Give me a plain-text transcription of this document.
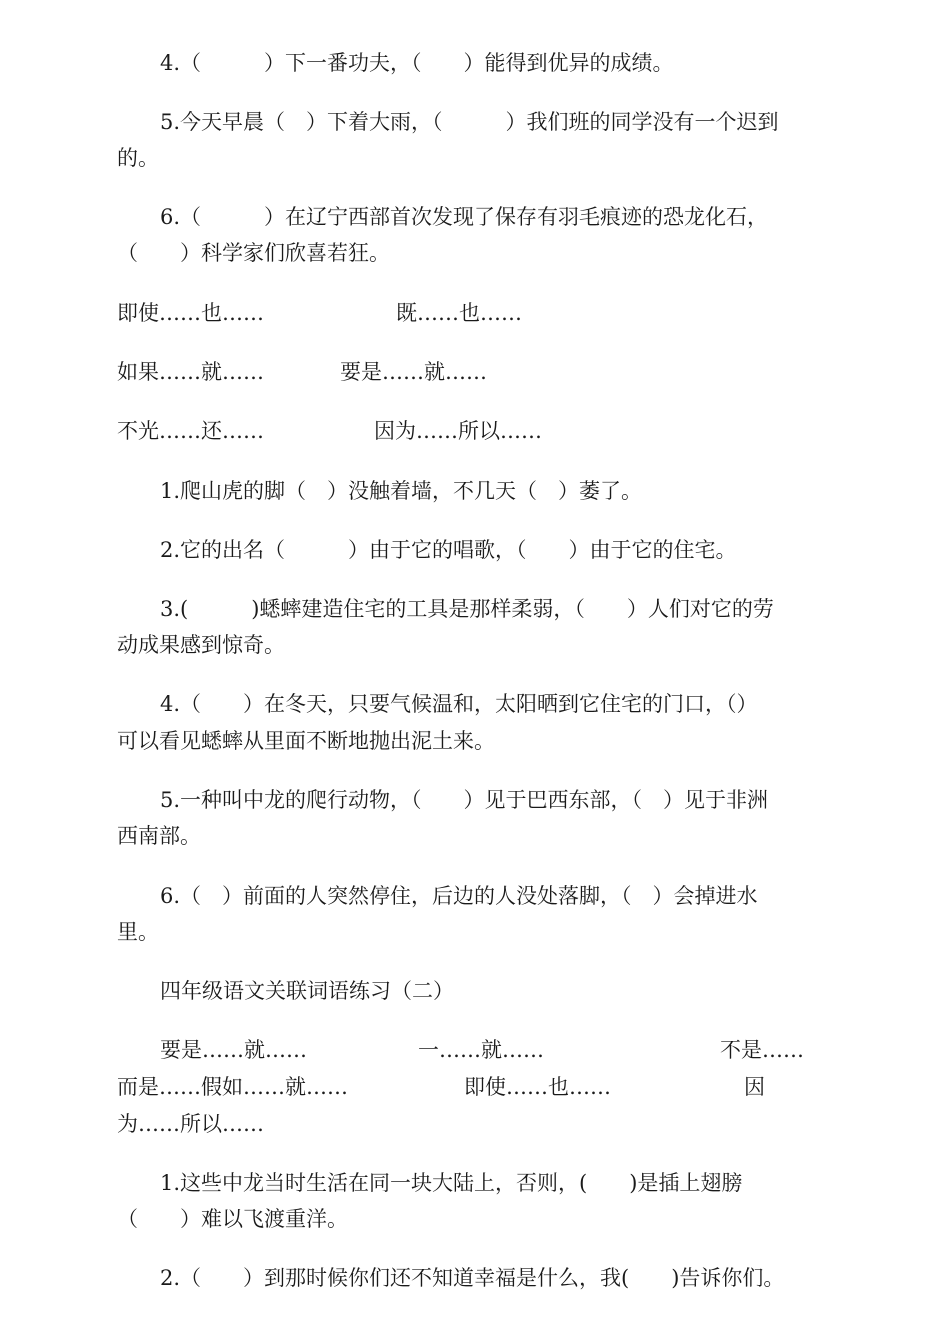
4.（　　　）下一番功夫，（　　）能得到优异的成绩。
5.今天早晨（　）下着大雨，（　　　）我们班的同学没有一个迟到
的。
6.（　　　）在辽宁西部首次发现了保存有羽毛痕迹的恐龙化石，
（　　）科学家们欣喜若狂。
即使……也……	既……也……
如果……就……	要是……就……
不光……还……	因为……所以……
1.爬山虎的脚（　）没触着墙，不几天（　）萎了。
2.它的出名（　　　）由于它的唱歌，（　　）由于它的住宅。
3.(　　　)蟋蟀建造住宅的工具是那样柔弱，（　　）人们对它的劳
动成果感到惊奇。
4.（　　）在冬天，只要气候温和，太阳晒到它住宅的门口，（）
可以看见蟋蟀从里面不断地抛出泥土来。
5.一种叫中龙的爬行动物，（　　）见于巴西东部，（　）见于非洲
西南部。
6.（　）前面的人突然停住，后边的人没处落脚，（　）会掉进水
里。
四年级语文关联词语练习（二）
要是……就……	一……就……	不是……
而是……假如……就……	即使……也……	因
为……所以……
1.这些中龙当时生活在同一块大陆上，否则，(　　)是插上翅膀
（　　）难以飞渡重洋。
2.（　　）到那时候你们还不知道幸福是什么，我(　　)告诉你们。
